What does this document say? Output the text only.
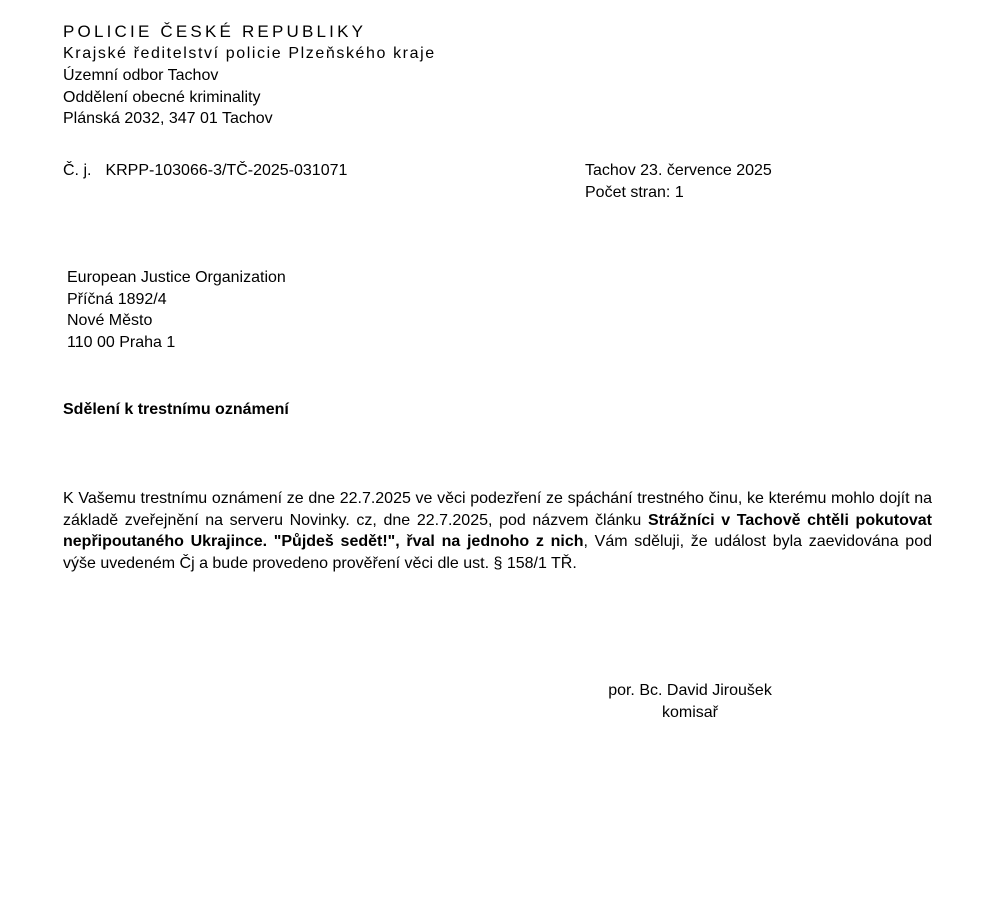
POLICIE ČESKÉ REPUBLIKY
Krajské ředitelství policie Plzeňského kraje
Územní odbor Tachov
Oddělení obecné kriminality
Plánská 2032, 347 01 Tachov
Č. j. KRPP-103066-3/TČ-2025-031071	Tachov 23. července 2025
Počet stran: 1
European Justice Organization
Příčná 1892/4
Nové Město
110 00 Praha 1
Sdělení k trestnímu oznámení
K Vašemu trestnímu oznámení ze dne 22.7.2025 ve věci podezření ze spáchání trestného činu, ke kterému mohlo dojít na základě zveřejnění na serveru Novinky. cz, dne 22.7.2025, pod názvem článku Strážníci v Tachově chtěli pokutovat nepřipoutaného Ukrajince. "Půjdeš sedět!", řval na jednoho z nich, Vám sděluji, že událost byla zaevidována pod výše uvedeném Čj a bude provedeno prověření věci dle ust. § 158/1 TŘ.
por. Bc. David Jiroušek
komisař
